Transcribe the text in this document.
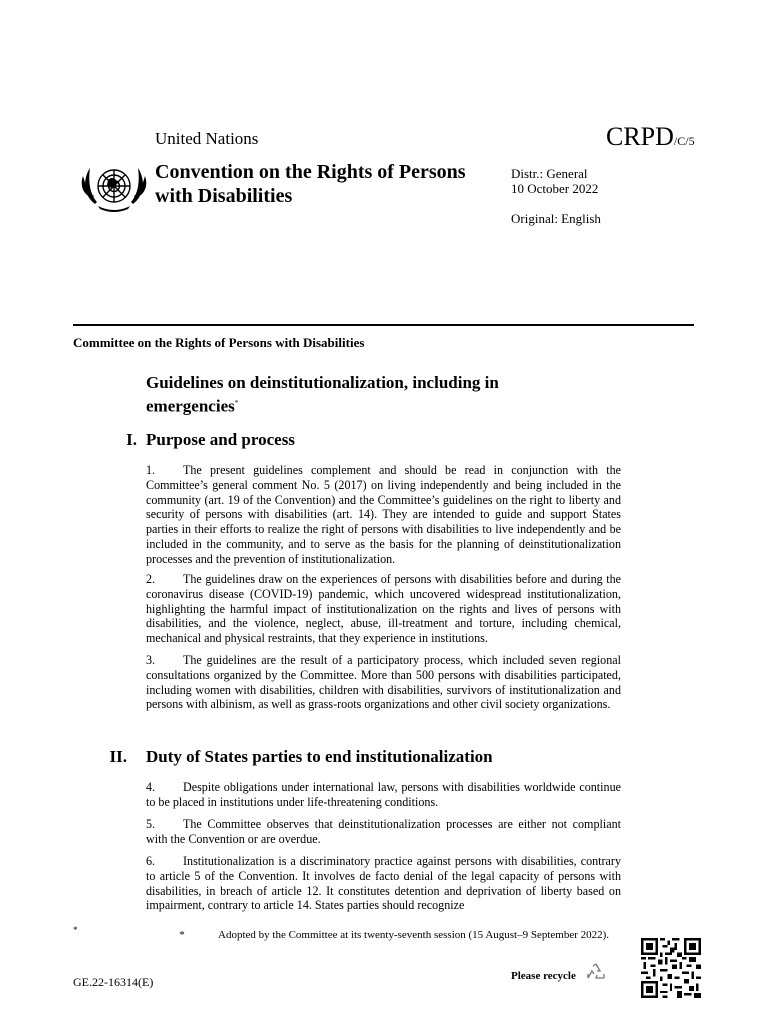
United Nations	CRPD/C/5
Convention on the Rights of Persons with Disabilities
Distr.: General
10 October 2022
Original: English
Committee on the Rights of Persons with Disabilities
Guidelines on deinstitutionalization, including in emergencies*
I. Purpose and process

1. The present guidelines complement and should be read in conjunction with the Committee’s general comment No. 5 (2017) on living independently and being included in the community (art. 19 of the Convention) and the Committee’s guidelines on the right to liberty and security of persons with disabilities (art. 14). They are intended to guide and support States parties in their efforts to realize the right of persons with disabilities to live independently and be included in the community, and to serve as the basis for the planning of deinstitutionalization processes and the prevention of institutionalization.

2. The guidelines draw on the experiences of persons with disabilities before and during the coronavirus disease (COVID-19) pandemic, which uncovered widespread institutionalization, highlighting the harmful impact of institutionalization on the rights and lives of persons with disabilities, and the violence, neglect, abuse, ill-treatment and torture, including chemical, mechanical and physical restraints, that they experience in institutions.

3. The guidelines are the result of a participatory process, which included seven regional consultations organized by the Committee. More than 500 persons with disabilities participated, including women with disabilities, children with disabilities, survivors of institutionalization and persons with albinism, as well as grass-roots organizations and other civil society organizations.

II. Duty of States parties to end institutionalization

4. Despite obligations under international law, persons with disabilities worldwide continue to be placed in institutions under life-threatening conditions.

5. The Committee observes that deinstitutionalization processes are either not compliant with the Convention or are overdue.

6. Institutionalization is a discriminatory practice against persons with disabilities, contrary to article 5 of the Convention. It involves de facto denial of the legal capacity of persons with disabilities, in breach of article 12. It constitutes detention and deprivation of liberty based on impairment, contrary to article 14. States parties should recognize

*	*	Adopted by the Committee at its twenty-seventh session (15 August–9 September 2022).
GE.22-16314(E)	Please recycle
